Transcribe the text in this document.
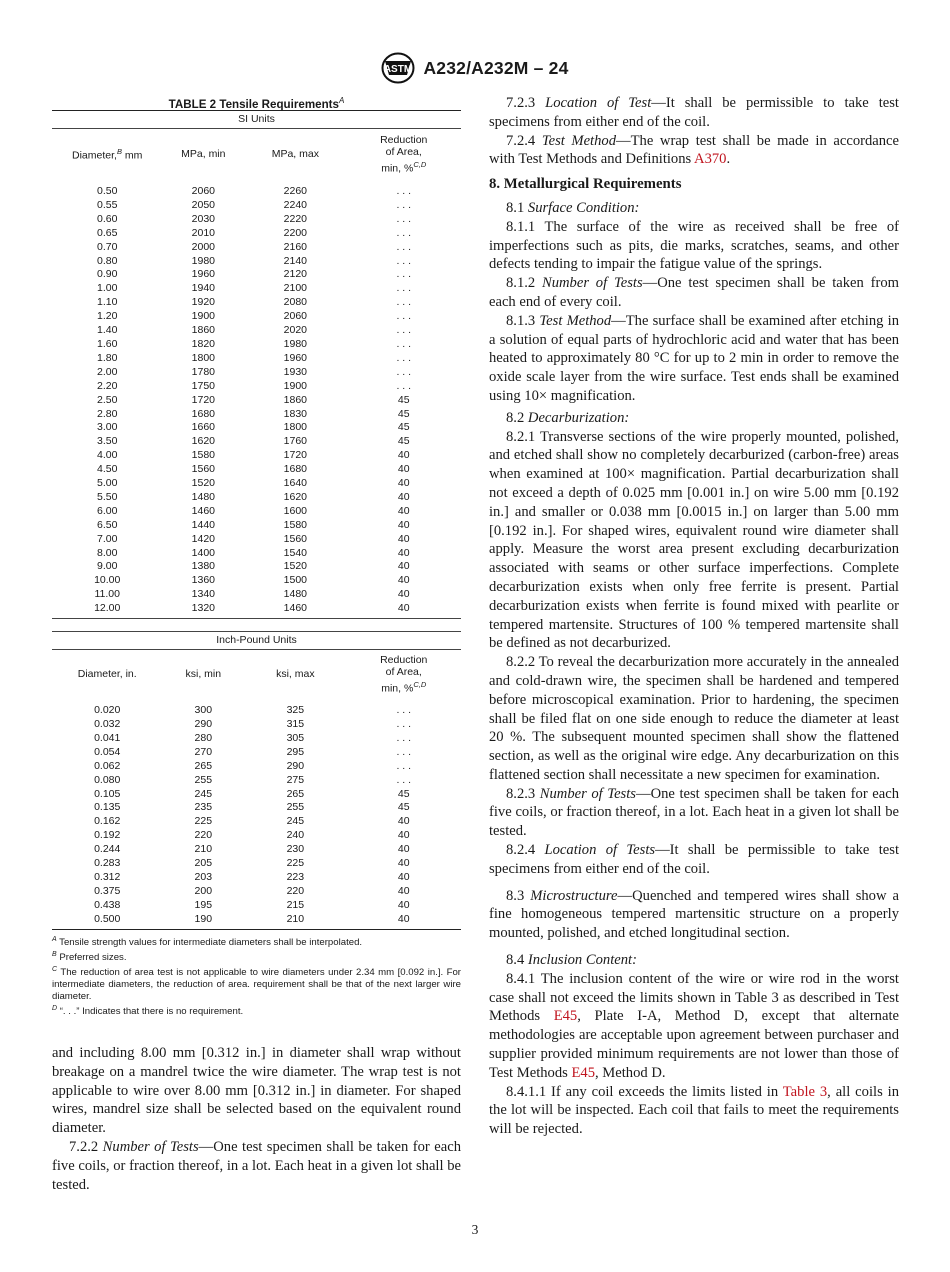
ASTM A232/A232M – 24
TABLE 2 Tensile Requirements$^A$
SI Units
Diameter,$^B$ mm	MPa, min	MPa, max	Reduction
of Area,
min, %$^{C,D}$

0.50	2060	2260	. . .
0.55	2050	2240	. . .
0.60	2030	2220	. . .
0.65	2010	2200	. . .
0.70	2000	2160	. . .
0.80	1980	2140	. . .
0.90	1960	2120	. . .
1.00	1940	2100	. . .
1.10	1920	2080	. . .
1.20	1900	2060	. . .
1.40	1860	2020	. . .
1.60	1820	1980	. . .
1.80	1800	1960	. . .
2.00	1780	1930	. . .
2.20	1750	1900	. . .
2.50	1720	1860	45
2.80	1680	1830	45
3.00	1660	1800	45
3.50	1620	1760	45
4.00	1580	1720	40
4.50	1560	1680	40
5.00	1520	1640	40
5.50	1480	1620	40
6.00	1460	1600	40
6.50	1440	1580	40
7.00	1420	1560	40
8.00	1400	1540	40
9.00	1380	1520	40
10.00	1360	1500	40
11.00	1340	1480	40
12.00	1320	1460	40
Inch-Pound Units
Diameter, in.	ksi, min	ksi, max	Reduction
of Area,
min, %$^{C,D}$

0.020	300	325	. . .
0.032	290	315	. . .
0.041	280	305	. . .
0.054	270	295	. . .
0.062	265	290	. . .
0.080	255	275	. . .
0.105	245	265	45
0.135	235	255	45
0.162	225	245	40
0.192	220	240	40
0.244	210	230	40
0.283	205	225	40
0.312	203	223	40
0.375	200	220	40
0.438	195	215	40
0.500	190	210	40

$^A$ Tensile strength values for intermediate diameters shall be interpolated.

$^B$ Preferred sizes.

$^C$ The reduction of area test is not applicable to wire diameters under 2.34 mm [0.092 in.]. For intermediate diameters, the reduction of area. requirement shall be that of the next larger wire diameter.

$^D$ “. . .” Indicates that there is no requirement.

and including 8.00 mm [0.312 in.] in diameter shall wrap without breakage on a mandrel twice the wire diameter. The wrap test is not applicable to wire over 8.00 mm [0.312 in.] in diameter. For shaped wires, mandrel size shall be selected based on the equivalent round diameter.

7.2.2 Number of Tests—One test specimen shall be taken for each five coils, or fraction thereof, in a lot. Each heat in a given lot shall be tested.

7.2.3 Location of Test—It shall be permissible to take test specimens from either end of the coil.

7.2.4 Test Method—The wrap test shall be made in accordance with Test Methods and Definitions A370.

8. Metallurgical Requirements

8.1 Surface Condition:

8.1.1 The surface of the wire as received shall be free of imperfections such as pits, die marks, scratches, seams, and other defects tending to impair the fatigue value of the springs.

8.1.2 Number of Tests—One test specimen shall be taken from each end of every coil.

8.1.3 Test Method—The surface shall be examined after etching in a solution of equal parts of hydrochloric acid and water that has been heated to approximately 80 °C for up to 2 min in order to remove the oxide scale layer from the wire surface. Test ends shall be examined using 10× magnification.

8.2 Decarburization:

8.2.1 Transverse sections of the wire properly mounted, polished, and etched shall show no completely decarburized (carbon-free) areas when examined at 100× magnification. Partial decarburization shall not exceed a depth of 0.025 mm [0.001 in.] on wire 5.00 mm [0.192 in.] and smaller or 0.038 mm [0.0015 in.] on larger than 5.00 mm [0.192 in.]. For shaped wires, equivalent round wire diameter shall apply. Measure the worst area present excluding decarburization associated with seams or other surface imperfections. Complete decarburization exists when only free ferrite is present. Partial decarburization exists when ferrite is found mixed with pearlite or tempered martensite. Structures of 100 % tempered martensite shall be defined as not decarburized.

8.2.2 To reveal the decarburization more accurately in the annealed and cold-drawn wire, the specimen shall be hardened and tempered before microscopical examination. Prior to hardening, the specimen shall be filed flat on one side enough to reduce the diameter at least 20 %. The subsequent mounted specimen shall show the flattened section, as well as the original wire edge. Any decarburization on this flattened section shall necessitate a new specimen for examination.

8.2.3 Number of Tests—One test specimen shall be taken for each five coils, or fraction thereof, in a lot. Each heat in a given lot shall be tested.

8.2.4 Location of Tests—It shall be permissible to take test specimens from either end of the coil.

8.3 Microstructure—Quenched and tempered wires shall show a fine homogeneous tempered martensitic structure on a properly mounted, polished, and etched longitudinal section.

8.4 Inclusion Content:

8.4.1 The inclusion content of the wire or wire rod in the worst case shall not exceed the limits shown in Table 3 as described in Test Methods E45, Plate I-A, Method D, except that alternate methodologies are acceptable upon agreement between purchaser and supplier provided minimum requirements are not lower than those of Test Methods E45, Method D.

8.4.1.1 If any coil exceeds the limits listed in Table 3, all coils in the lot will be inspected. Each coil that fails to meet the requirements will be rejected.

3
